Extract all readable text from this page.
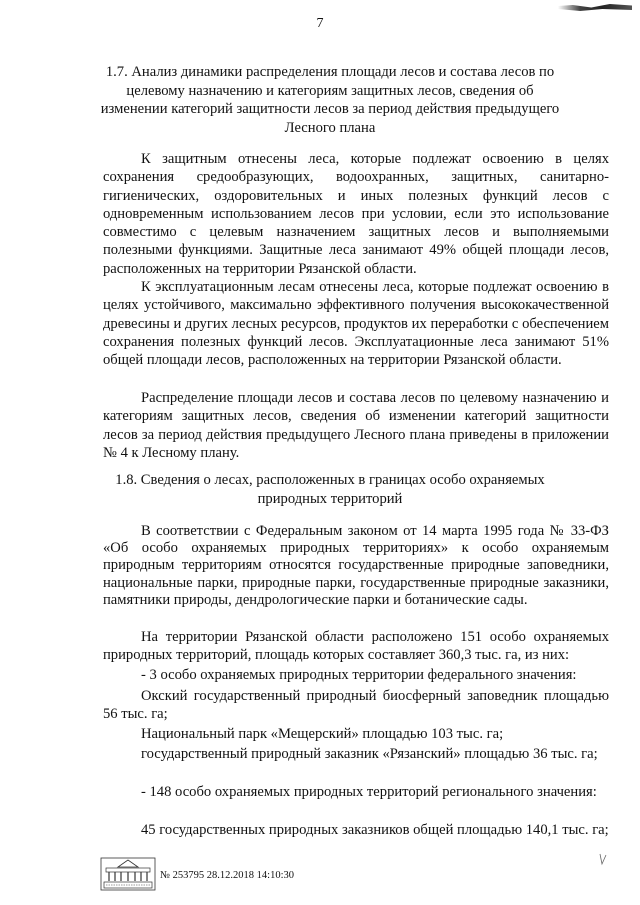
7
1.7. Анализ динамики распределения площади лесов и состава лесов по целевому назначению и категориям защитных лесов, сведения об изменении категорий защитности лесов за период действия предыдущего Лесного плана

К защитным отнесены леса, которые подлежат освоению в целях сохранения средообразующих, водоохранных, защитных, санитарно-гигиенических, оздоровительных и иных полезных функций лесов с одновременным использованием лесов при условии, если это использование совместимо с целевым назначением защитных лесов и выполняемыми полезными функциями. Защитные леса занимают 49% общей площади лесов, расположенных на территории Рязанской области.

К эксплуатационным лесам отнесены леса, которые подлежат освоению в целях устойчивого, максимально эффективного получения высококачественной древесины и других лесных ресурсов, продуктов их переработки с обеспечением сохранения полезных функций лесов. Эксплуатационные леса занимают 51% общей площади лесов, расположенных на территории Рязанской области.

Распределение площади лесов и состава лесов по целевому назначению и категориям защитных лесов, сведения об изменении категорий защитности лесов за период действия предыдущего Лесного плана приведены в приложении № 4 к Лесному плану.

1.8. Сведения о лесах, расположенных в границах особо охраняемых природных территорий

В соответствии с Федеральным законом от 14 марта 1995 года № 33-ФЗ «Об особо охраняемых природных территориях» к особо охраняемым природным территориям относятся государственные природные заповедники, национальные парки, природные парки, государственные природные заказники, памятники природы, дендрологические парки и ботанические сады.

На территории Рязанской области расположено 151 особо охраняемых природных территорий, площадь которых составляет 360,3 тыс. га, из них:

- 3 особо охраняемых природных территории федерального значения:

Окский государственный природный биосферный заповедник площадью 56 тыс. га;

Национальный парк «Мещерский» площадью 103 тыс. га;

государственный природный заказник «Рязанский» площадью 36 тыс. га;

- 148 особо охраняемых природных территорий регионального значения:

45 государственных природных заказников общей площадью 140,1 тыс. га;

№ 253795 28.12.2018 14:10:30
